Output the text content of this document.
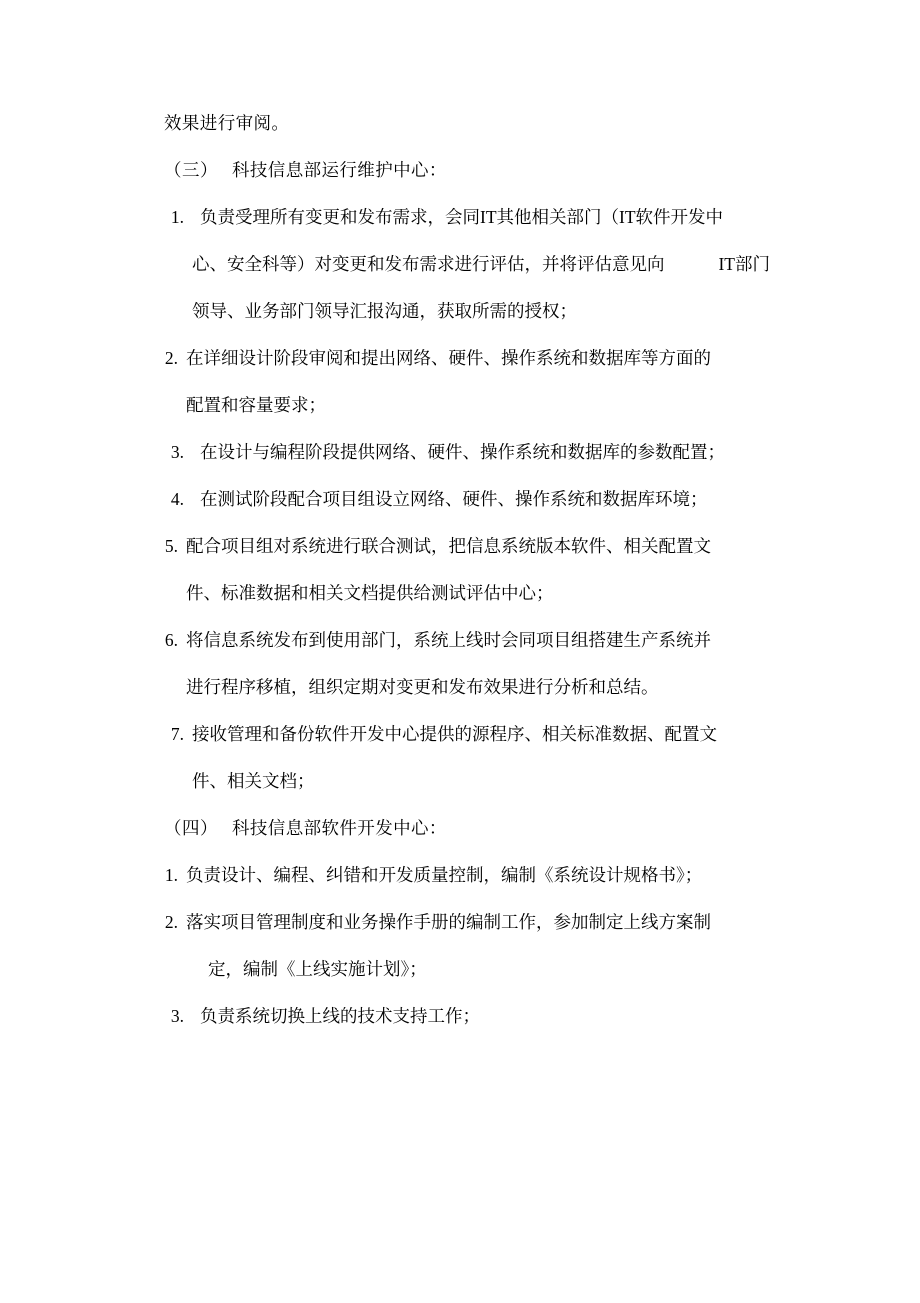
效果进行审阅。
（三） 科技信息部运行维护中心：
1. 负责受理所有变更和发布需求，会同IT其他相关部门（IT软件开发中
心、安全科等）对变更和发布需求进行评估，并将评估意见向	IT部门
领导、业务部门领导汇报沟通，获取所需的授权；
2. 在详细设计阶段审阅和提出网络、硬件、操作系统和数据库等方面的
配置和容量要求；
3. 在设计与编程阶段提供网络、硬件、操作系统和数据库的参数配置；
4. 在测试阶段配合项目组设立网络、硬件、操作系统和数据库环境；
5. 配合项目组对系统进行联合测试，把信息系统版本软件、相关配置文
件、标准数据和相关文档提供给测试评估中心；
6. 将信息系统发布到使用部门，系统上线时会同项目组搭建生产系统并
进行程序移植，组织定期对变更和发布效果进行分析和总结。
7. 接收管理和备份软件开发中心提供的源程序、相关标准数据、配置文
件、相关文档；
（四） 科技信息部软件开发中心：
1. 负责设计、编程、纠错和开发质量控制，编制《系统设计规格书》；
2. 落实项目管理制度和业务操作手册的编制工作，参加制定上线方案制
定，编制《上线实施计划》；
3. 负责系统切换上线的技术支持工作；
